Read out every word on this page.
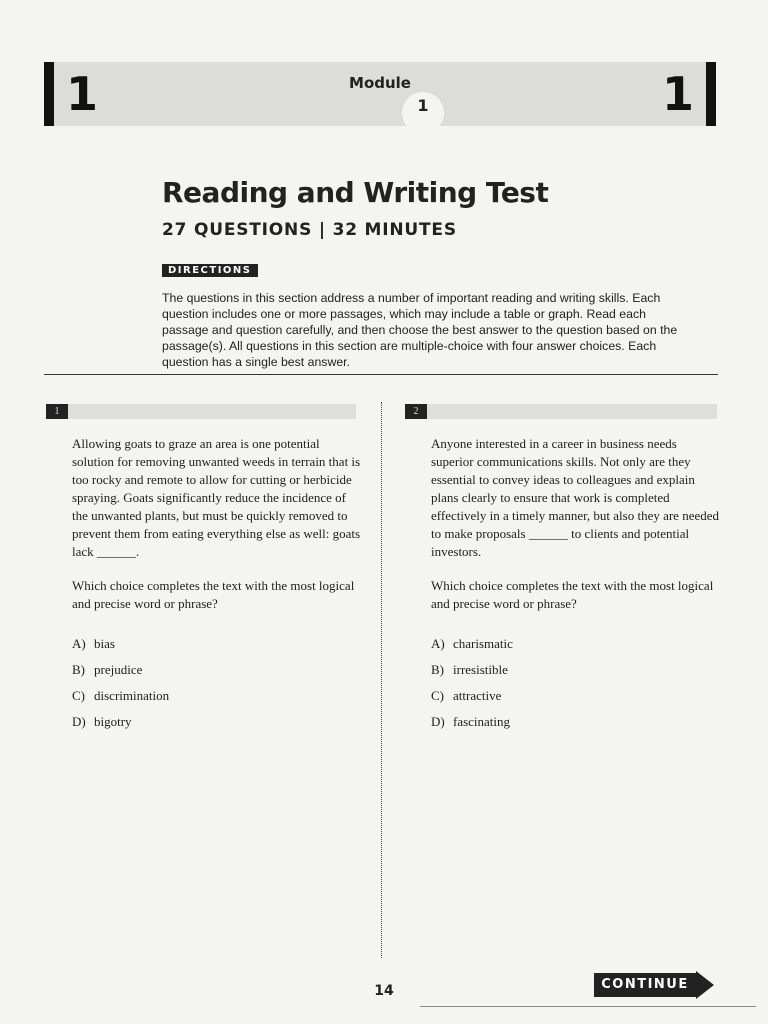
1	Module
1	1
Reading and Writing Test
27 QUESTIONS | 32 MINUTES
DIRECTIONS

The questions in this section address a number of important reading and writing skills. Each question includes one or more passages, which may include a table or graph. Read each passage and question carefully, and then choose the best answer to the question based on the passage(s). All questions in this section are multiple-choice with four answer choices. Each question has a single best answer.

1	2

Allowing goats to graze an area is one potential solution for removing unwanted weeds in terrain that is too rocky and remote to allow for cutting or herbicide spraying. Goats significantly reduce the incidence of the unwanted plants, but must be quickly removed to prevent them from eating everything else as well: goats lack ______.

Which choice completes the text with the most logical and precise word or phrase?

A) bias
B) prejudice
C) discrimination
D) bigotry

Anyone interested in a career in business needs superior communications skills. Not only are they essential to convey ideas to colleagues and explain plans clearly to ensure that work is completed effectively in a timely manner, but also they are needed to make proposals ______ to clients and potential investors.

Which choice completes the text with the most logical and precise word or phrase?

A) charismatic
B) irresistible
C) attractive
D) fascinating
14	CONTINUE
